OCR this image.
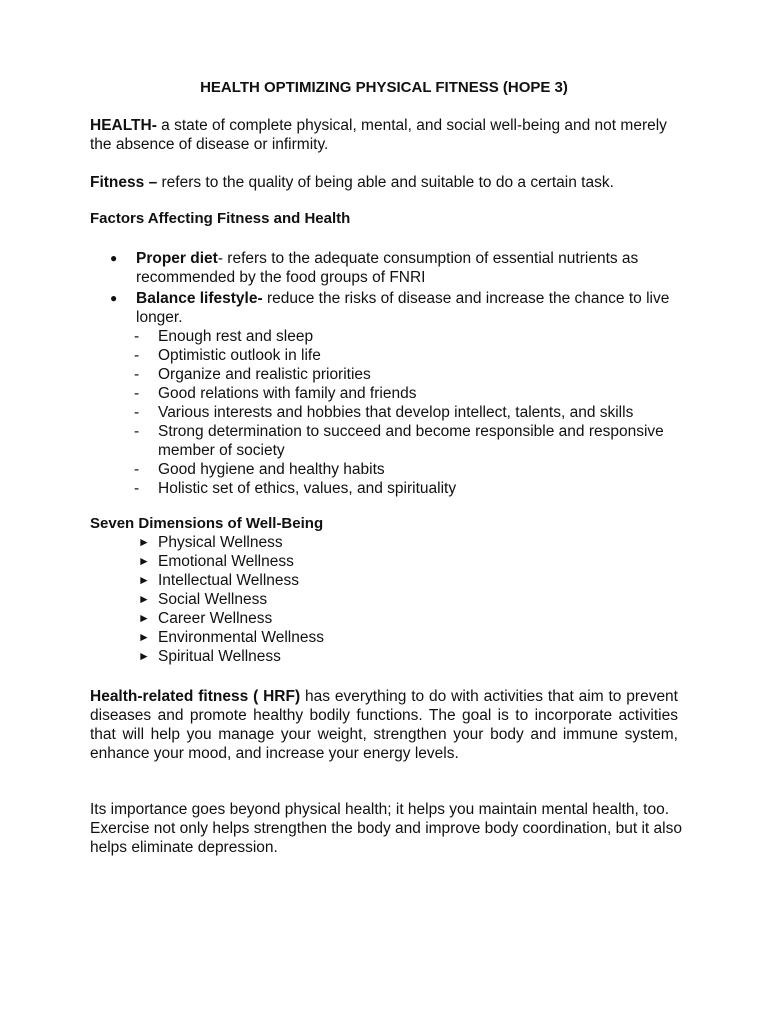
HEALTH OPTIMIZING PHYSICAL FITNESS (HOPE 3)
HEALTH- a state of complete physical, mental, and social well-being and not merely the absence of disease or infirmity.
Fitness – refers to the quality of being able and suitable to do a certain task.
Factors Affecting Fitness and Health
● Proper diet- refers to the adequate consumption of essential nutrients as recommended by the food groups of FNRI
● Balance lifestyle- reduce the risks of disease and increase the chance to live longer.
- Enough rest and sleep
- Optimistic outlook in life
- Organize and realistic priorities
- Good relations with family and friends
- Various interests and hobbies that develop intellect, talents, and skills
- Strong determination to succeed and become responsible and responsive member of society
- Good hygiene and healthy habits
- Holistic set of ethics, values, and spirituality
Seven Dimensions of Well-Being
► Physical Wellness
► Emotional Wellness
► Intellectual Wellness
► Social Wellness
► Career Wellness
► Environmental Wellness
► Spiritual Wellness
Health-related fitness ( HRF) has everything to do with activities that aim to prevent diseases and promote healthy bodily functions. The goal is to incorporate activities that will help you manage your weight, strengthen your body and immune system, enhance your mood, and increase your energy levels.
Its importance goes beyond physical health; it helps you maintain mental health, too. Exercise not only helps strengthen the body and improve body coordination, but it also helps eliminate depression.
